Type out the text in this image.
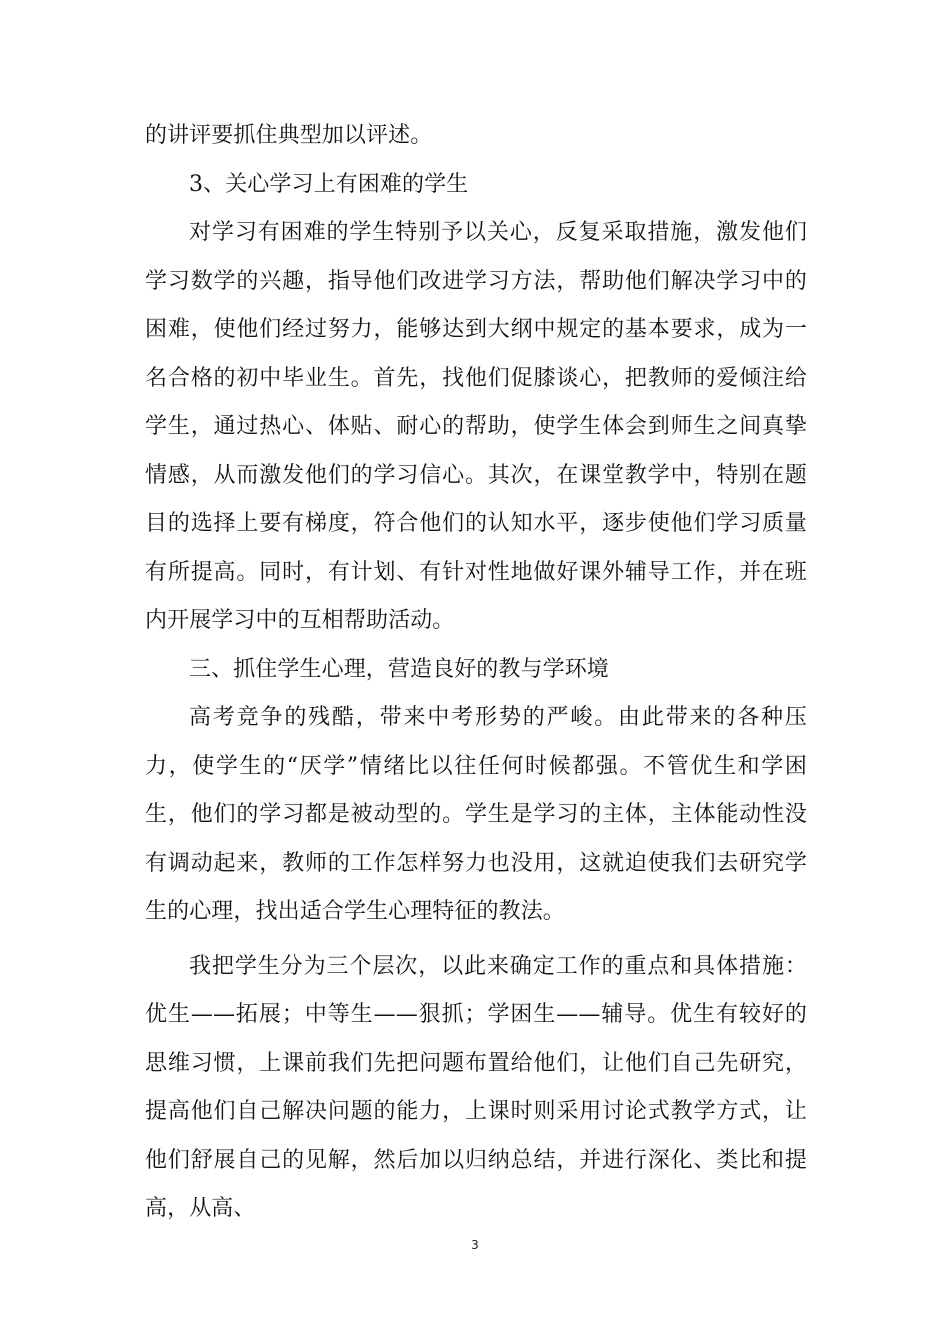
的讲评要抓住典型加以评述。

3、关心学习上有困难的学生

对学习有困难的学生特别予以关心，反复采取措施，激发他们学习数学的兴趣，指导他们改进学习方法，帮助他们解决学习中的困难，使他们经过努力，能够达到大纲中规定的基本要求，成为一名合格的初中毕业生。首先，找他们促膝谈心，把教师的爱倾注给学生，通过热心、体贴、耐心的帮助，使学生体会到师生之间真挚情感，从而激发他们的学习信心。其次，在课堂教学中，特别在题目的选择上要有梯度，符合他们的认知水平，逐步使他们学习质量有所提高。同时，有计划、有针对性地做好课外辅导工作，并在班内开展学习中的互相帮助活动。

三、抓住学生心理，营造良好的教与学环境

高考竞争的残酷，带来中考形势的严峻。由此带来的各种压力，使学生的“厌学”情绪比以往任何时候都强。不管优生和学困生，他们的学习都是被动型的。学生是学习的主体，主体能动性没有调动起来，教师的工作怎样努力也没用，这就迫使我们去研究学生的心理，找出适合学生心理特征的教法。

我把学生分为三个层次，以此来确定工作的重点和具体措施：优生——拓展；中等生——狠抓；学困生——辅导。优生有较好的思维习惯，上课前我们先把问题布置给他们，让他们自己先研究，提高他们自己解决问题的能力，上课时则采用讨论式教学方式，让他们舒展自己的见解，然后加以归纳总结，并进行深化、类比和提高，从高、

3
